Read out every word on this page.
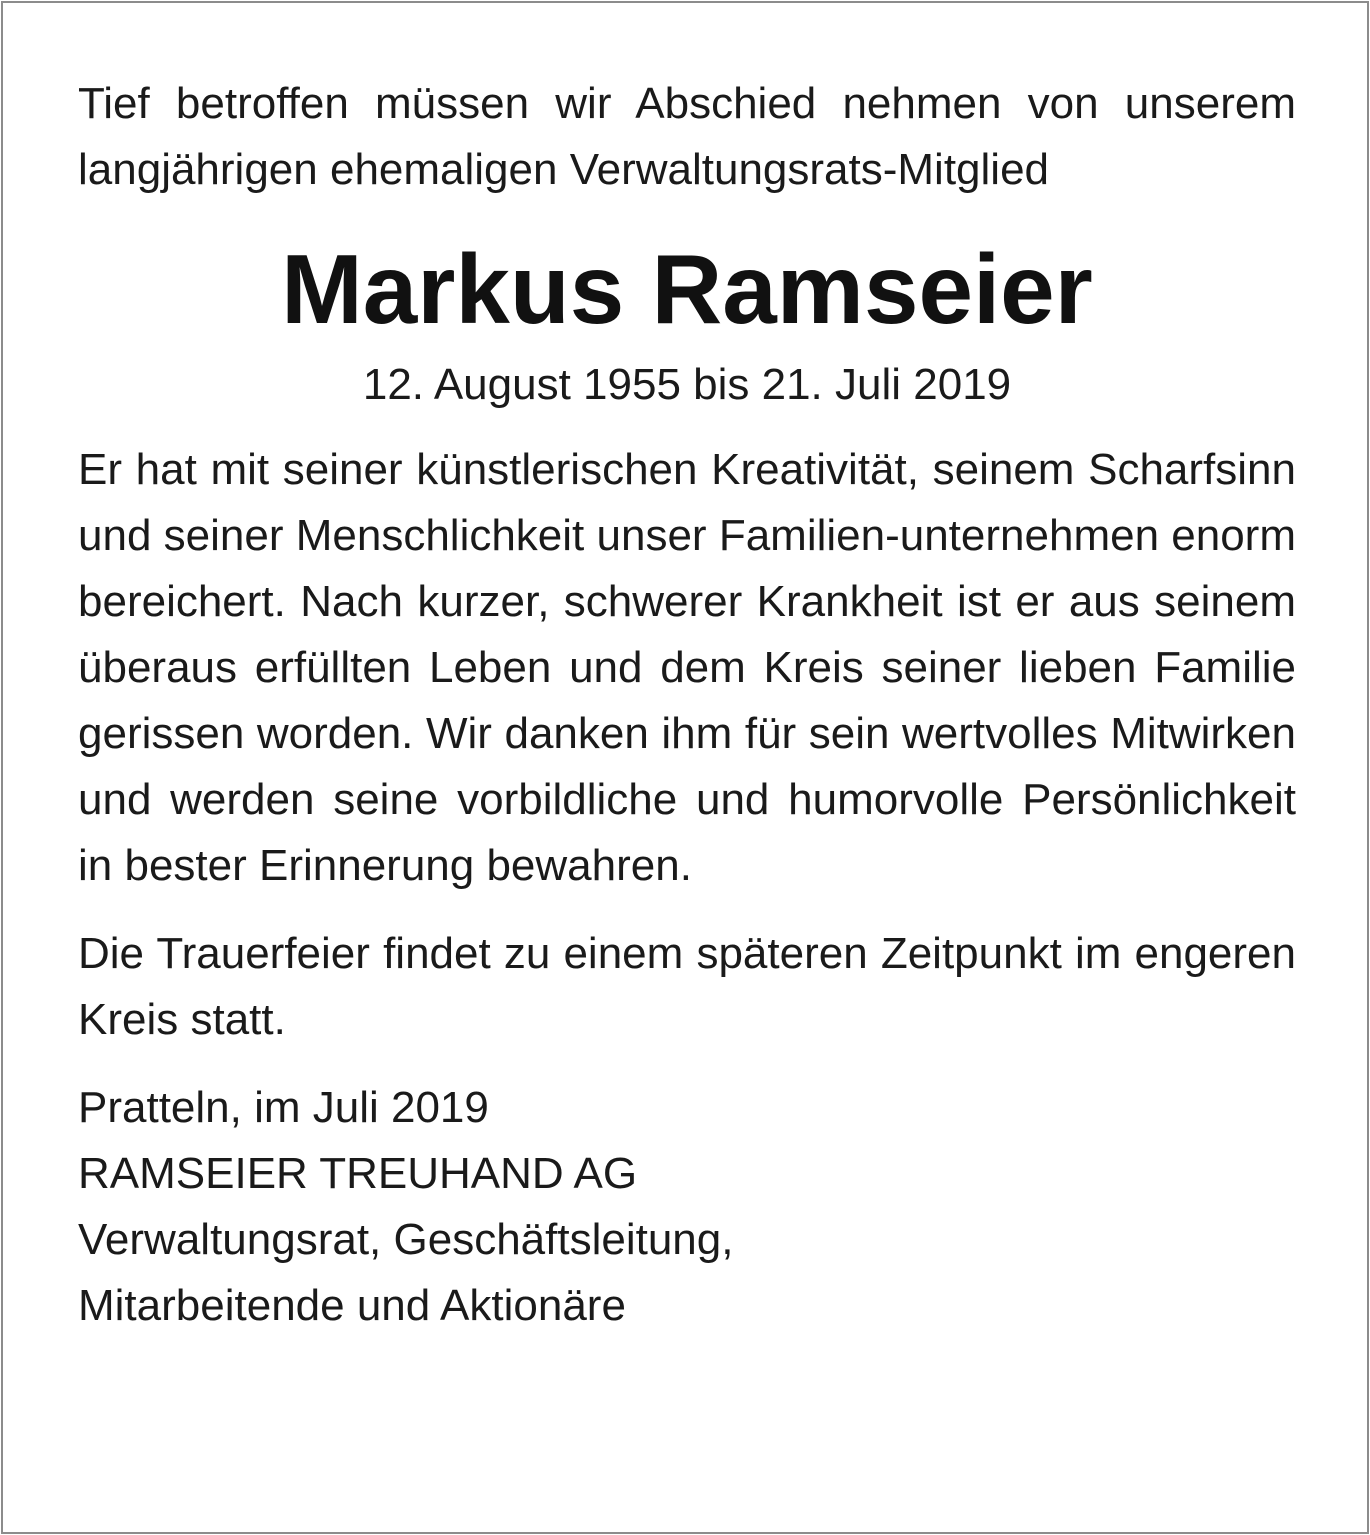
Tief betroffen müssen wir Abschied nehmen von unserem langjährigen ehemaligen Verwaltungsrats-Mitglied

Markus Ramseier

12. August 1955 bis 21. Juli 2019

Er hat mit seiner künstlerischen Kreativität, seinem Scharfsinn und seiner Menschlichkeit unser Familien-unternehmen enorm bereichert. Nach kurzer, schwerer Krankheit ist er aus seinem überaus erfüllten Leben und dem Kreis seiner lieben Familie gerissen worden. Wir danken ihm für sein wertvolles Mitwirken und werden seine vorbildliche und humorvolle Persönlichkeit in bester Erinnerung bewahren.

Die Trauerfeier findet zu einem späteren Zeitpunkt im engeren Kreis statt.

Pratteln, im Juli 2019
RAMSEIER TREUHAND AG
Verwaltungsrat, Geschäftsleitung,
Mitarbeitende und Aktionäre
